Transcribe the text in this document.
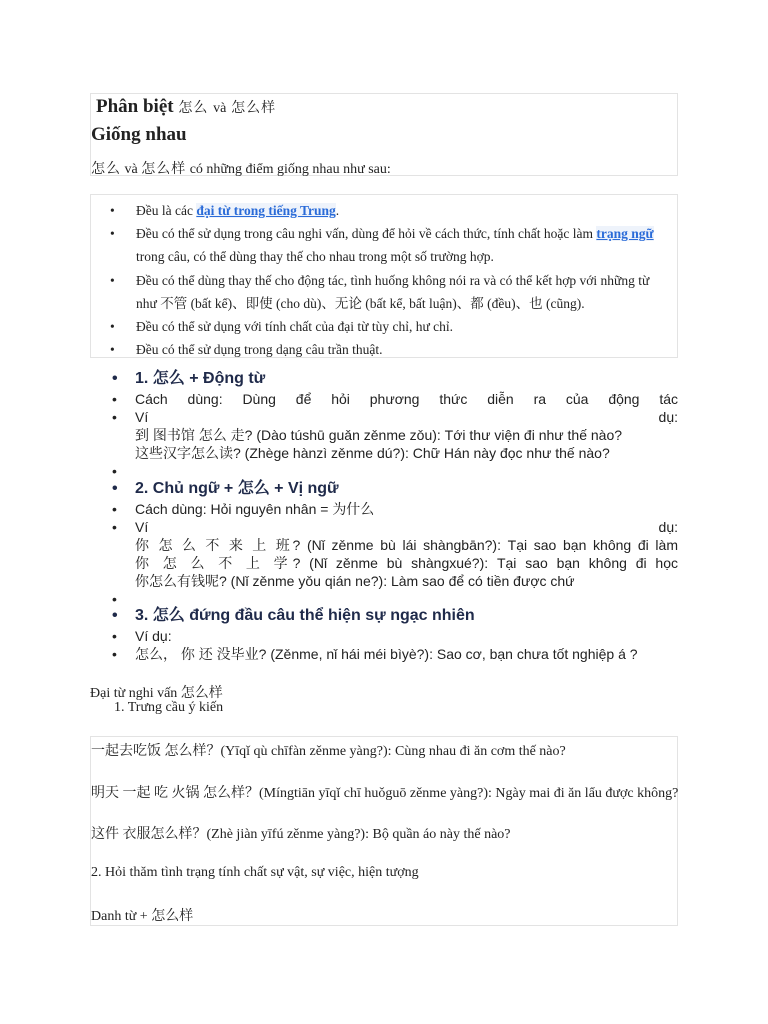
Phân biệt 怎么 và 怎么样
Giống nhau
怎么 và 怎么样 có những điểm giống nhau như sau:
• Đều là các đại từ trong tiếng Trung.
• Đều có thể sử dụng trong câu nghi vấn, dùng để hỏi về cách thức, tính chất hoặc làm trạng ngữ trong câu, có thể dùng thay thế cho nhau trong một số trường hợp.
• Đều có thể dùng thay thế cho động tác, tình huống không nói ra và có thể kết hợp với những từ như 不管 (bất kể)、即使 (cho dù)、无论 (bất kể, bất luận)、都 (đều)、也 (cũng).
• Đều có thể sử dụng với tính chất của đại từ tùy chỉ, hư chỉ.
• Đều có thể sử dụng trong dạng câu trần thuật.
• 1. 怎么 + Động từ
• Cách dùng: Dùng để hỏi phương thức diễn ra của động tác
• Ví	dụ:
到 图书馆 怎么 走? (Dào túshū guǎn zěnme zǒu): Tới thư viện đi như thế nào?
这些汉字怎么读? (Zhège hànzì zěnme dú?): Chữ Hán này đọc như thế nào?
•
• 2. Chủ ngữ + 怎么 + Vị ngữ
• Cách dùng: Hỏi nguyên nhân = 为什么
• Ví	dụ:
你 怎 么 不 来 上 班? (Nǐ zěnme bù lái shàngbān?): Tại sao bạn không đi làm
你 怎 么 不 上 学? (Nǐ zěnme bù shàngxué?): Tại sao bạn không đi học
你怎么有钱呢? (Nǐ zěnme yǒu qián ne?): Làm sao để có tiền được chứ
•
• 3. 怎么 đứng đầu câu thể hiện sự ngạc nhiên
• Ví dụ:
• 怎么， 你 还 没毕业? (Zěnme, nǐ hái méi bìyè?): Sao cơ, bạn chưa tốt nghiệp á ?
Đại từ nghi vấn 怎么样
1. Trưng cầu ý kiến
一起去吃饭 怎么样？(Yīqǐ qù chīfàn zěnme yàng?): Cùng nhau đi ăn cơm thế nào?
明天 一起 吃 火锅 怎么样？(Míngtiān yīqǐ chī huǒguō zěnme yàng?): Ngày mai đi ăn lẩu được không?
这件 衣服怎么样？(Zhè jiàn yīfú zěnme yàng?): Bộ quần áo này thế nào?
2. Hỏi thăm tình trạng tính chất sự vật, sự việc, hiện tượng
Danh từ + 怎么样
